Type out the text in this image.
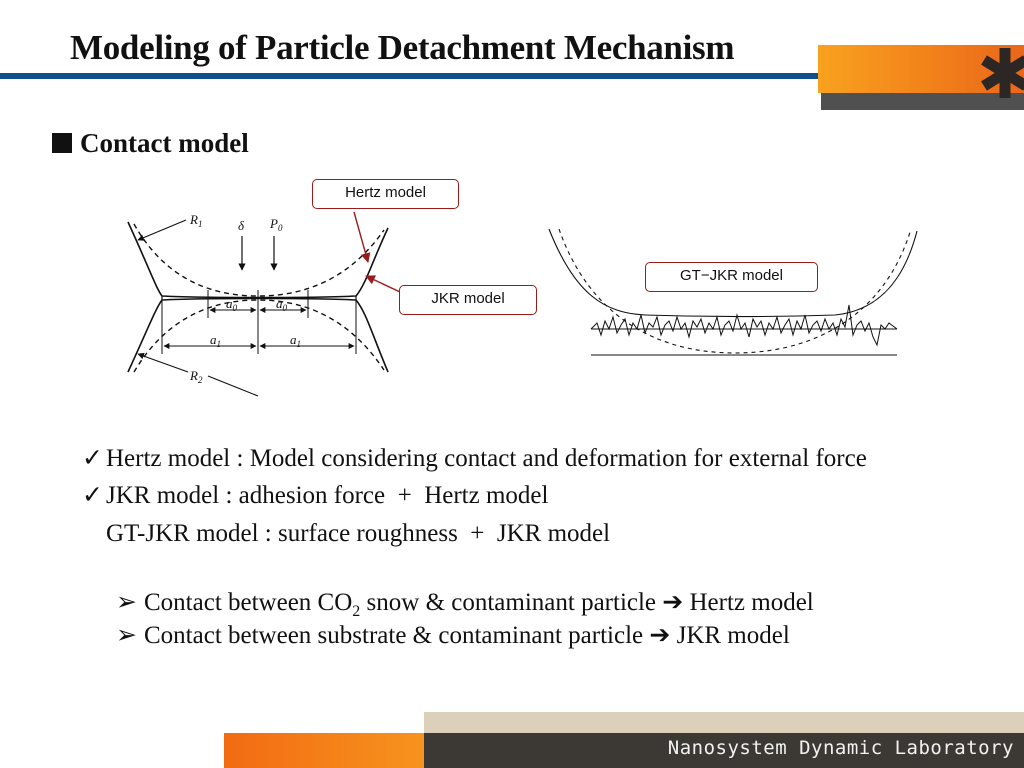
Modeling of Particle Detachment Mechanism
Contact model
$R_1$
$R_2$
δ $P_0$
$a_0$	$a_0$
$a_1$	$a_1$
Hertz model
JKR model
GT−JKR model
✓ Hertz model : Model considering contact and deformation for external force
✓ JKR model : adhesion force  +  Hertz model
GT-JKR model : surface roughness  +  JKR model
➢ Contact between $CO_2$ snow & contaminant particle ➔ Hertz model
➢ Contact between substrate & contaminant particle ➔ JKR model
Nanosystem Dynamic Laboratory
